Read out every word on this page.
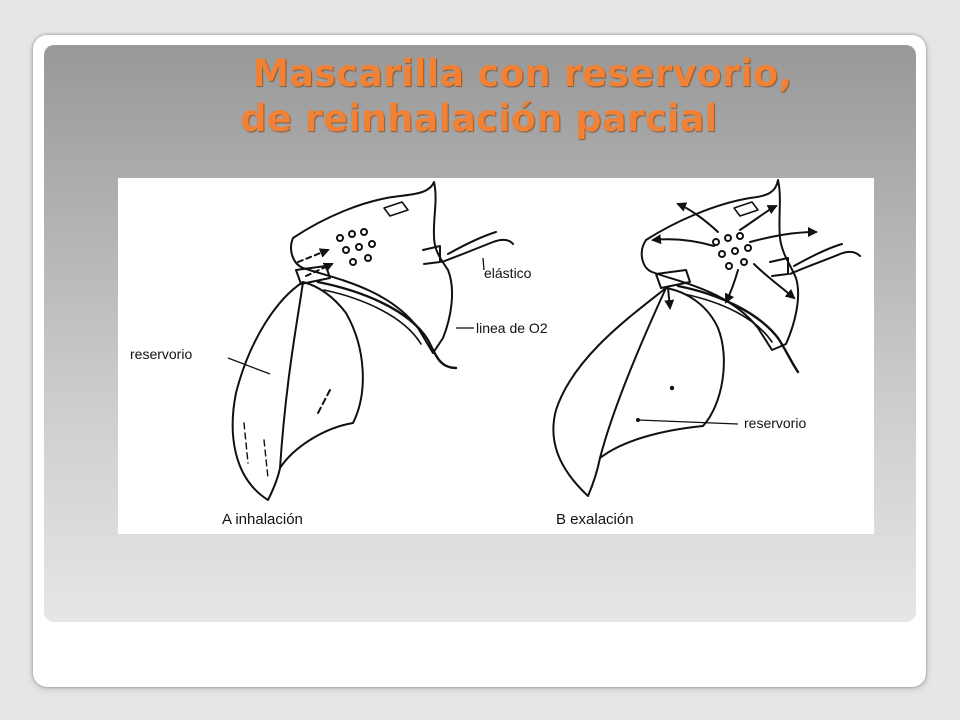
Mascarilla con reservorio,
de reinhalación parcial
elástico
linea de O2
reservorio
reservorio
A inhalación	B exalación
